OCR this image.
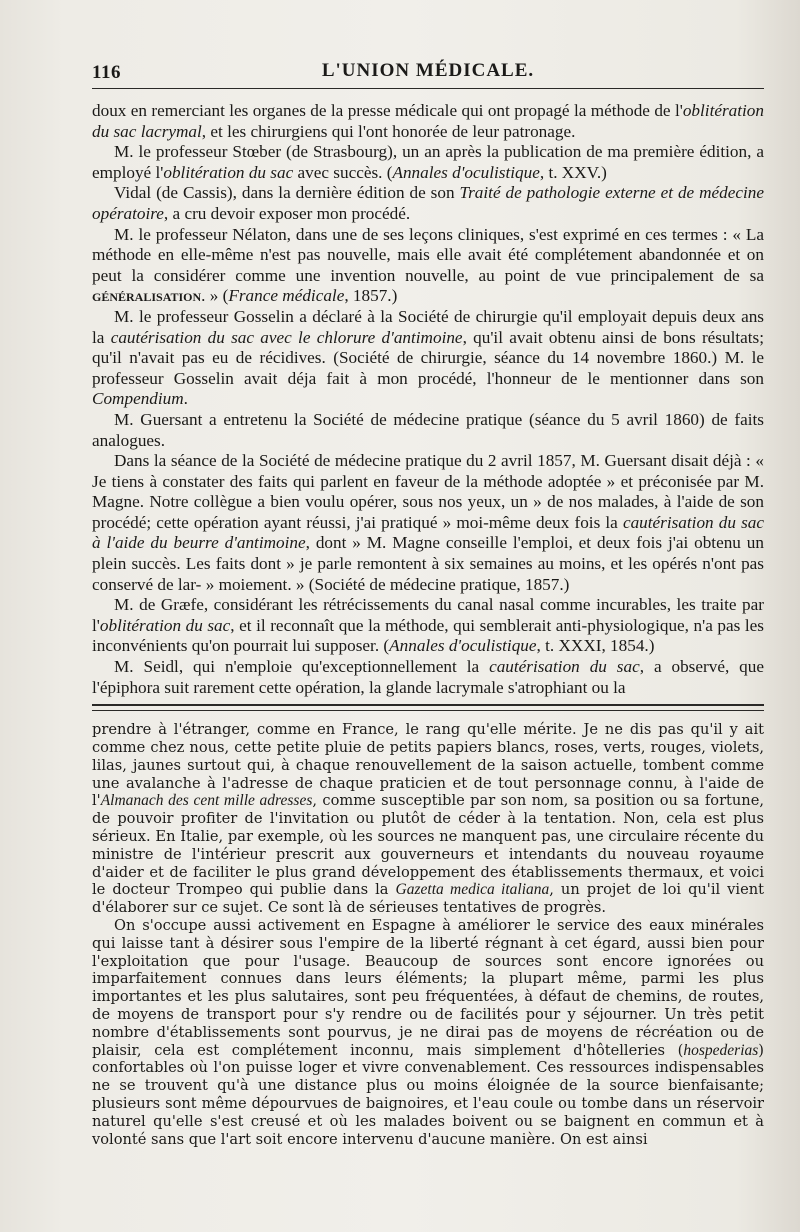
116	L'UNION MÉDICALE.

doux en remerciant les organes de la presse médicale qui ont propagé la méthode de l'oblitération du sac lacrymal, et les chirurgiens qui l'ont honorée de leur patronage.

M. le professeur Stœber (de Strasbourg), un an après la publication de ma première édition, a employé l'oblitération du sac avec succès. (Annales d'oculistique, t. XXV.)

Vidal (de Cassis), dans la dernière édition de son Traité de pathologie externe et de médecine opératoire, a cru devoir exposer mon procédé.

M. le professeur Nélaton, dans une de ses leçons cliniques, s'est exprimé en ces termes : « La méthode en elle-même n'est pas nouvelle, mais elle avait été complétement abandonnée et on peut la considérer comme une invention nouvelle, au point de vue principalement de sa généralisation. » (France médicale, 1857.)

M. le professeur Gosselin a déclaré à la Société de chirurgie qu'il employait depuis deux ans la cautérisation du sac avec le chlorure d'antimoine, qu'il avait obtenu ainsi de bons résultats; qu'il n'avait pas eu de récidives. (Société de chirurgie, séance du 14 novembre 1860.) M. le professeur Gosselin avait déja fait à mon procédé, l'honneur de le mentionner dans son Compendium.

M. Guersant a entretenu la Société de médecine pratique (séance du 5 avril 1860) de faits analogues.

Dans la séance de la Société de médecine pratique du 2 avril 1857, M. Guersant disait déjà : « Je tiens à constater des faits qui parlent en faveur de la méthode adoptée » et préconisée par M. Magne. Notre collègue a bien voulu opérer, sous nos yeux, un » de nos malades, à l'aide de son procédé; cette opération ayant réussi, j'ai pratiqué » moi-même deux fois la cautérisation du sac à l'aide du beurre d'antimoine, dont » M. Magne conseille l'emploi, et deux fois j'ai obtenu un plein succès. Les faits dont » je parle remontent à six semaines au moins, et les opérés n'ont pas conservé de lar- » moiement. » (Société de médecine pratique, 1857.)

M. de Græfe, considérant les rétrécissements du canal nasal comme incurables, les traite par l'oblitération du sac, et il reconnaît que la méthode, qui semblerait anti-physiologique, n'a pas les inconvénients qu'on pourrait lui supposer. (Annales d'oculistique, t. XXXI, 1854.)

M. Seidl, qui n'emploie qu'exceptionnellement la cautérisation du sac, a observé, que l'épiphora suit rarement cette opération, la glande lacrymale s'atrophiant ou la

prendre à l'étranger, comme en France, le rang qu'elle mérite. Je ne dis pas qu'il y ait comme chez nous, cette petite pluie de petits papiers blancs, roses, verts, rouges, violets, lilas, jaunes surtout qui, à chaque renouvellement de la saison actuelle, tombent comme une avalanche à l'adresse de chaque praticien et de tout personnage connu, à l'aide de l'Almanach des cent mille adresses, comme susceptible par son nom, sa position ou sa fortune, de pouvoir profiter de l'invitation ou plutôt de céder à la tentation. Non, cela est plus sérieux. En Italie, par exemple, où les sources ne manquent pas, une circulaire récente du ministre de l'intérieur prescrit aux gouverneurs et intendants du nouveau royaume d'aider et de faciliter le plus grand développement des établissements thermaux, et voici le docteur Trompeo qui publie dans la Gazetta medica italiana, un projet de loi qu'il vient d'élaborer sur ce sujet. Ce sont là de sérieuses tentatives de progrès.

On s'occupe aussi activement en Espagne à améliorer le service des eaux minérales qui laisse tant à désirer sous l'empire de la liberté régnant à cet égard, aussi bien pour l'exploitation que pour l'usage. Beaucoup de sources sont encore ignorées ou imparfaitement connues dans leurs éléments; la plupart même, parmi les plus importantes et les plus salutaires, sont peu fréquentées, à défaut de chemins, de routes, de moyens de transport pour s'y rendre ou de facilités pour y séjourner. Un très petit nombre d'établissements sont pourvus, je ne dirai pas de moyens de récréation ou de plaisir, cela est complétement inconnu, mais simplement d'hôtelleries (hospederias) confortables où l'on puisse loger et vivre convenablement. Ces ressources indispensables ne se trouvent qu'à une distance plus ou moins éloignée de la source bienfaisante; plusieurs sont même dépourvues de baignoires, et l'eau coule ou tombe dans un réservoir naturel qu'elle s'est creusé et où les malades boivent ou se baignent en commun et à volonté sans que l'art soit encore intervenu d'aucune manière. On est ainsi
